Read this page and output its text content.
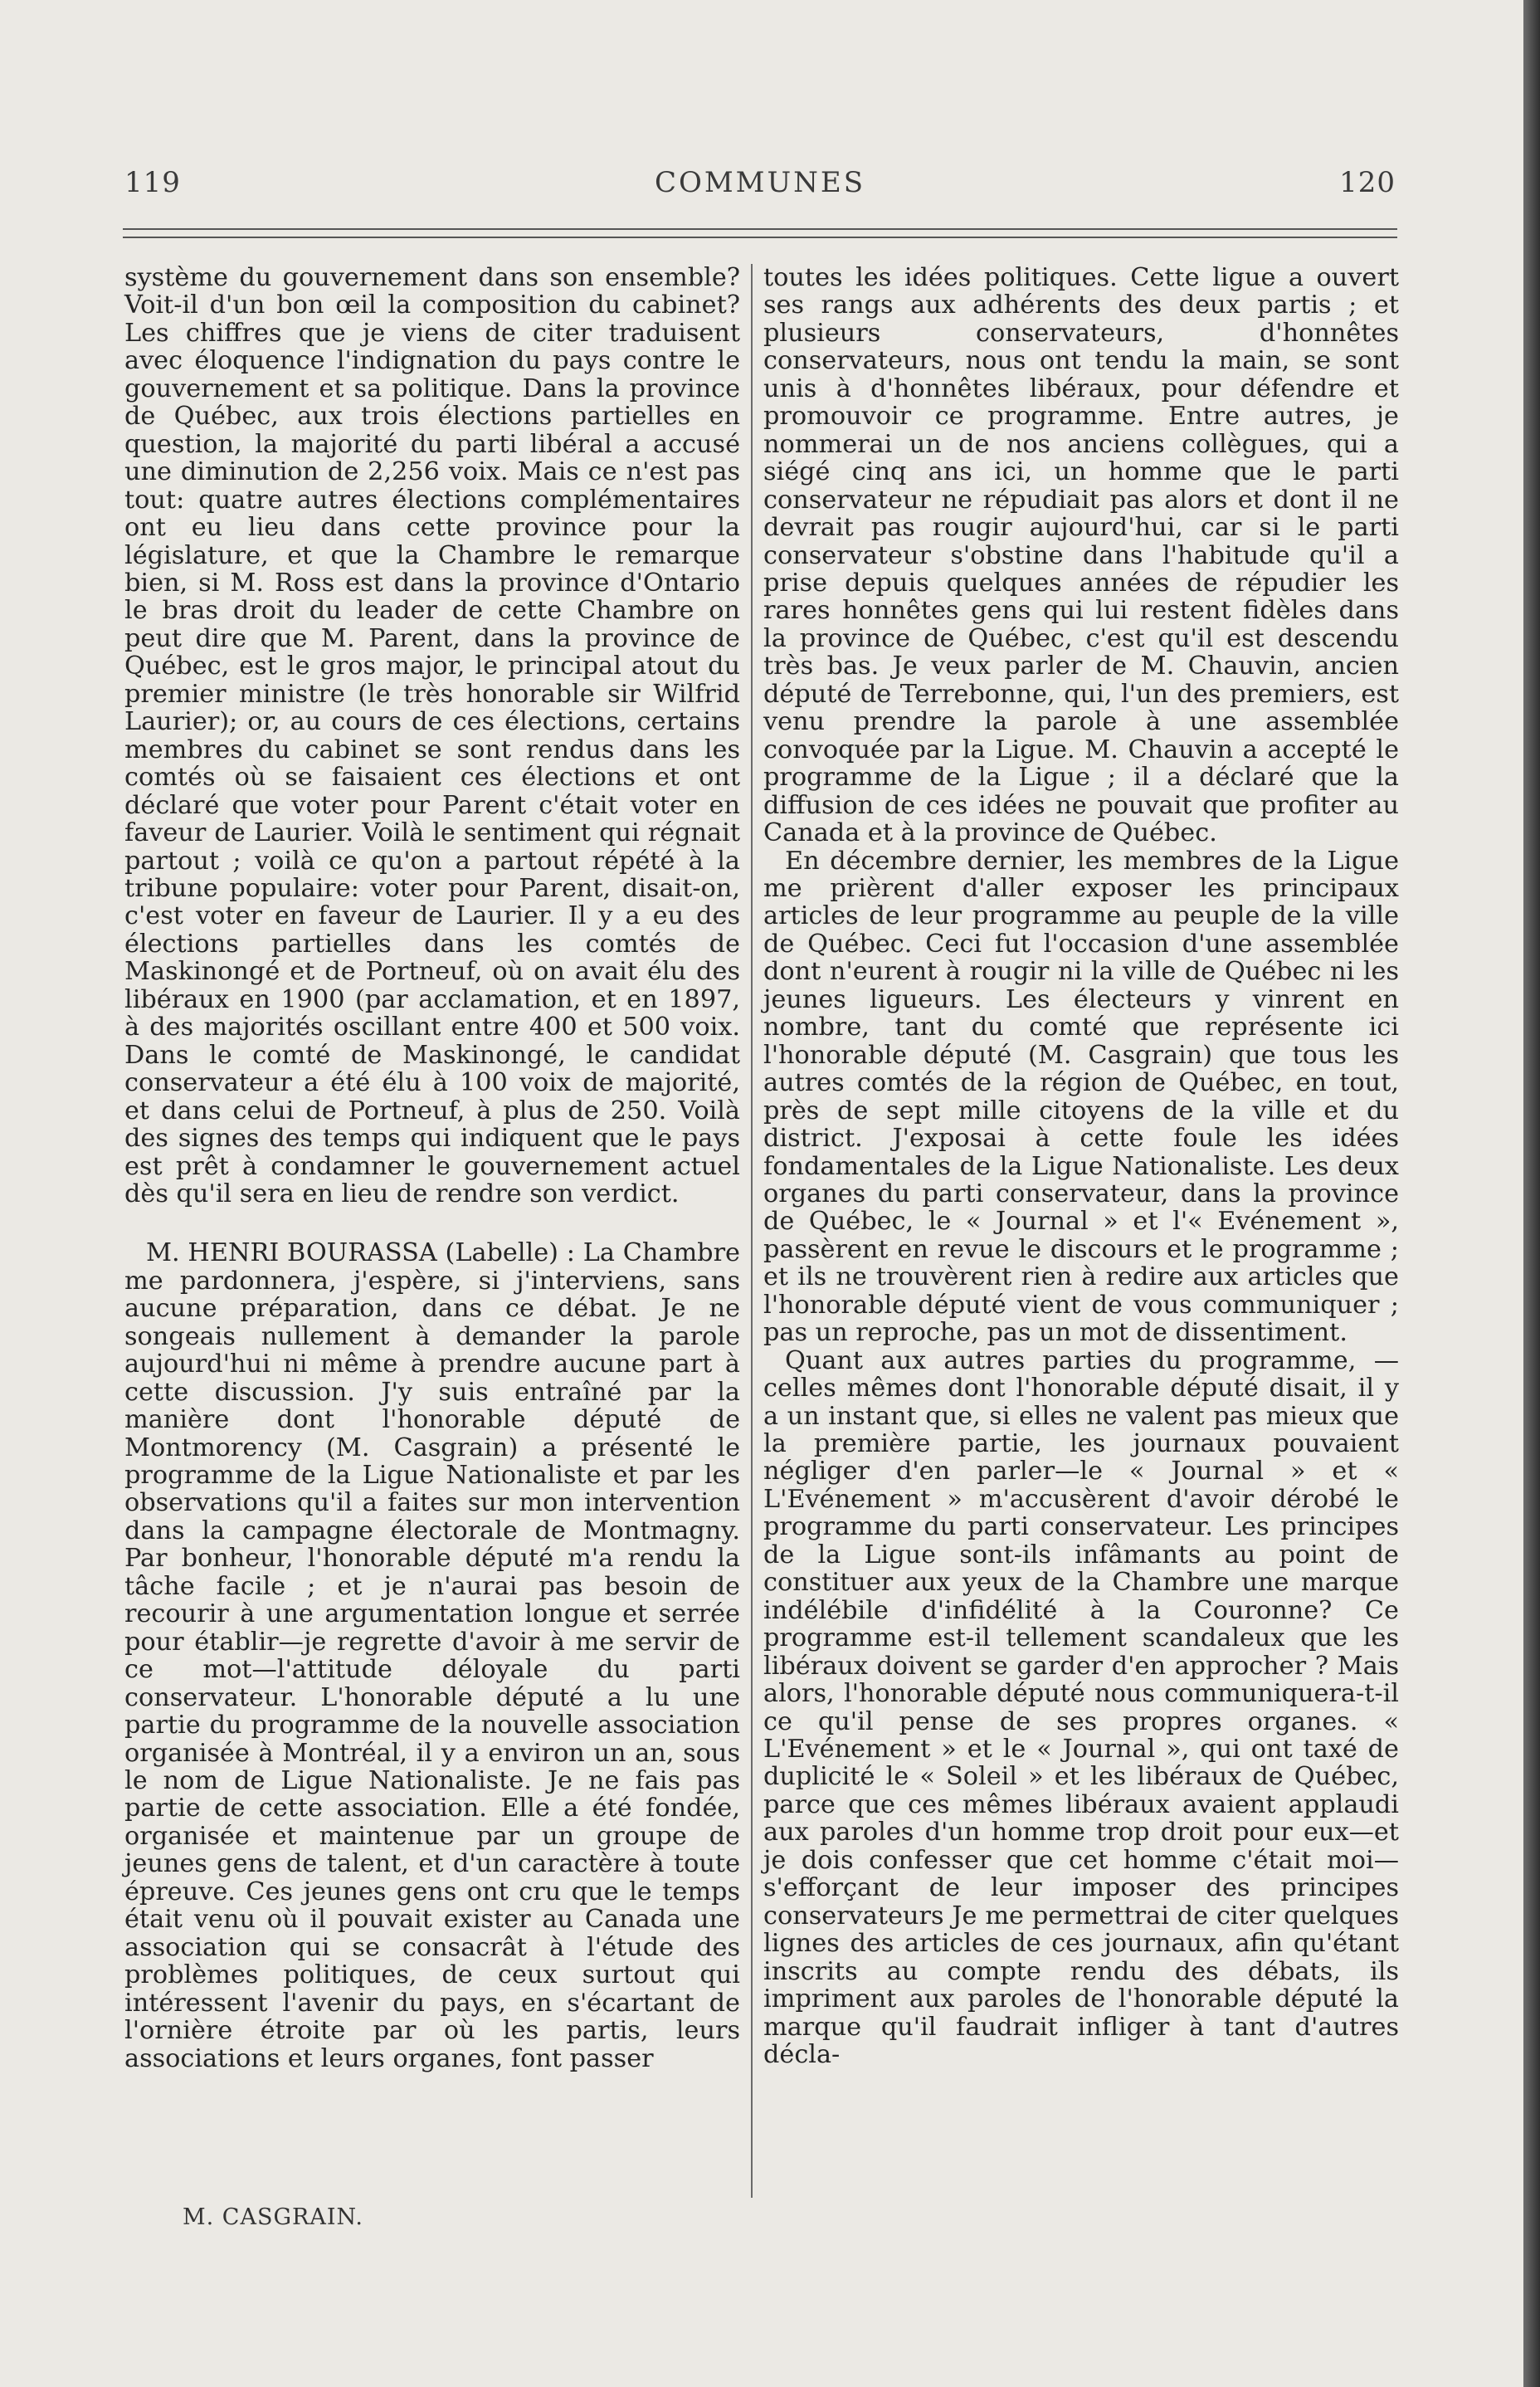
119	COMMUNES	120

système du gouvernement dans son ensemble? Voit-il d'un bon œil la composition du cabinet? Les chiffres que je viens de citer traduisent avec éloquence l'indignation du pays contre le gouvernement et sa politique. Dans la province de Québec, aux trois élections partielles en question, la majorité du parti libéral a accusé une diminution de 2,256 voix. Mais ce n'est pas tout: quatre autres élections complémentaires ont eu lieu dans cette province pour la législature, et que la Chambre le remarque bien, si M. Ross est dans la province d'Ontario le bras droit du leader de cette Chambre on peut dire que M. Parent, dans la province de Québec, est le gros major, le principal atout du premier ministre (le très honorable sir Wilfrid Laurier); or, au cours de ces élections, certains membres du cabinet se sont rendus dans les comtés où se faisaient ces élections et ont déclaré que voter pour Parent c'était voter en faveur de Laurier. Voilà le sentiment qui régnait partout ; voilà ce qu'on a partout répété à la tribune populaire: voter pour Parent, disait-on, c'est voter en faveur de Laurier. Il y a eu des élections partielles dans les comtés de Maskinongé et de Portneuf, où on avait élu des libéraux en 1900 (par acclamation, et en 1897, à des majorités oscillant entre 400 et 500 voix. Dans le comté de Maskinongé, le candidat conservateur a été élu à 100 voix de majorité, et dans celui de Portneuf, à plus de 250. Voilà des signes des temps qui indiquent que le pays est prêt à condamner le gouvernement actuel dès qu'il sera en lieu de rendre son verdict.

M. HENRI BOURASSA (Labelle) : La Chambre me pardonnera, j'espère, si j'interviens, sans aucune préparation, dans ce débat. Je ne songeais nullement à demander la parole aujourd'hui ni même à prendre aucune part à cette discussion. J'y suis entraîné par la manière dont l'honorable député de Montmorency (M. Casgrain) a présenté le programme de la Ligue Nationaliste et par les observations qu'il a faites sur mon intervention dans la campagne électorale de Montmagny. Par bonheur, l'honorable député m'a rendu la tâche facile ; et je n'aurai pas besoin de recourir à une argumentation longue et serrée pour établir—je regrette d'avoir à me servir de ce mot—l'attitude déloyale du parti conservateur. L'honorable député a lu une partie du programme de la nouvelle association organisée à Montréal, il y a environ un an, sous le nom de Ligue Nationaliste. Je ne fais pas partie de cette association. Elle a été fondée, organisée et maintenue par un groupe de jeunes gens de talent, et d'un caractère à toute épreuve. Ces jeunes gens ont cru que le temps était venu où il pouvait exister au Canada une association qui se consacrât à l'étude des problèmes politiques, de ceux surtout qui intéressent l'avenir du pays, en s'écartant de l'ornière étroite par où les partis, leurs associations et leurs organes, font passer

toutes les idées politiques. Cette ligue a ouvert ses rangs aux adhérents des deux partis ; et plusieurs conservateurs, d'honnêtes conservateurs, nous ont tendu la main, se sont unis à d'honnêtes libéraux, pour défendre et promouvoir ce programme. Entre autres, je nommerai un de nos anciens collègues, qui a siégé cinq ans ici, un homme que le parti conservateur ne répudiait pas alors et dont il ne devrait pas rougir aujourd'hui, car si le parti conservateur s'obstine dans l'habitude qu'il a prise depuis quelques années de répudier les rares honnêtes gens qui lui restent fidèles dans la province de Québec, c'est qu'il est descendu très bas. Je veux parler de M. Chauvin, ancien député de Terrebonne, qui, l'un des premiers, est venu prendre la parole à une assemblée convoquée par la Ligue. M. Chauvin a accepté le programme de la Ligue ; il a déclaré que la diffusion de ces idées ne pouvait que profiter au Canada et à la province de Québec.

En décembre dernier, les membres de la Ligue me prièrent d'aller exposer les principaux articles de leur programme au peuple de la ville de Québec. Ceci fut l'occasion d'une assemblée dont n'eurent à rougir ni la ville de Québec ni les jeunes ligueurs. Les électeurs y vinrent en nombre, tant du comté que représente ici l'honorable député (M. Casgrain) que tous les autres comtés de la région de Québec, en tout, près de sept mille citoyens de la ville et du district. J'exposai à cette foule les idées fondamentales de la Ligue Nationaliste. Les deux organes du parti conservateur, dans la province de Québec, le « Journal » et l'« Evénement », passèrent en revue le discours et le programme ; et ils ne trouvèrent rien à redire aux articles que l'honorable député vient de vous communiquer ; pas un reproche, pas un mot de dissentiment.

Quant aux autres parties du programme, —celles mêmes dont l'honorable député disait, il y a un instant que, si elles ne valent pas mieux que la première partie, les journaux pouvaient négliger d'en parler—le « Journal » et « L'Evénement » m'accusèrent d'avoir dérobé le programme du parti conservateur. Les principes de la Ligue sont-ils infâmants au point de constituer aux yeux de la Chambre une marque indélébile d'infidélité à la Couronne? Ce programme est-il tellement scandaleux que les libéraux doivent se garder d'en approcher ? Mais alors, l'honorable député nous communiquera-t-il ce qu'il pense de ses propres organes. « L'Evénement » et le « Journal », qui ont taxé de duplicité le « Soleil » et les libéraux de Québec, parce que ces mêmes libéraux avaient applaudi aux paroles d'un homme trop droit pour eux—et je dois confesser que cet homme c'était moi—s'efforçant de leur imposer des principes conservateurs Je me permettrai de citer quelques lignes des articles de ces journaux, afin qu'étant inscrits au compte rendu des débats, ils impriment aux paroles de l'honorable député la marque qu'il faudrait infliger à tant d'autres décla-

M. CASGRAIN.
